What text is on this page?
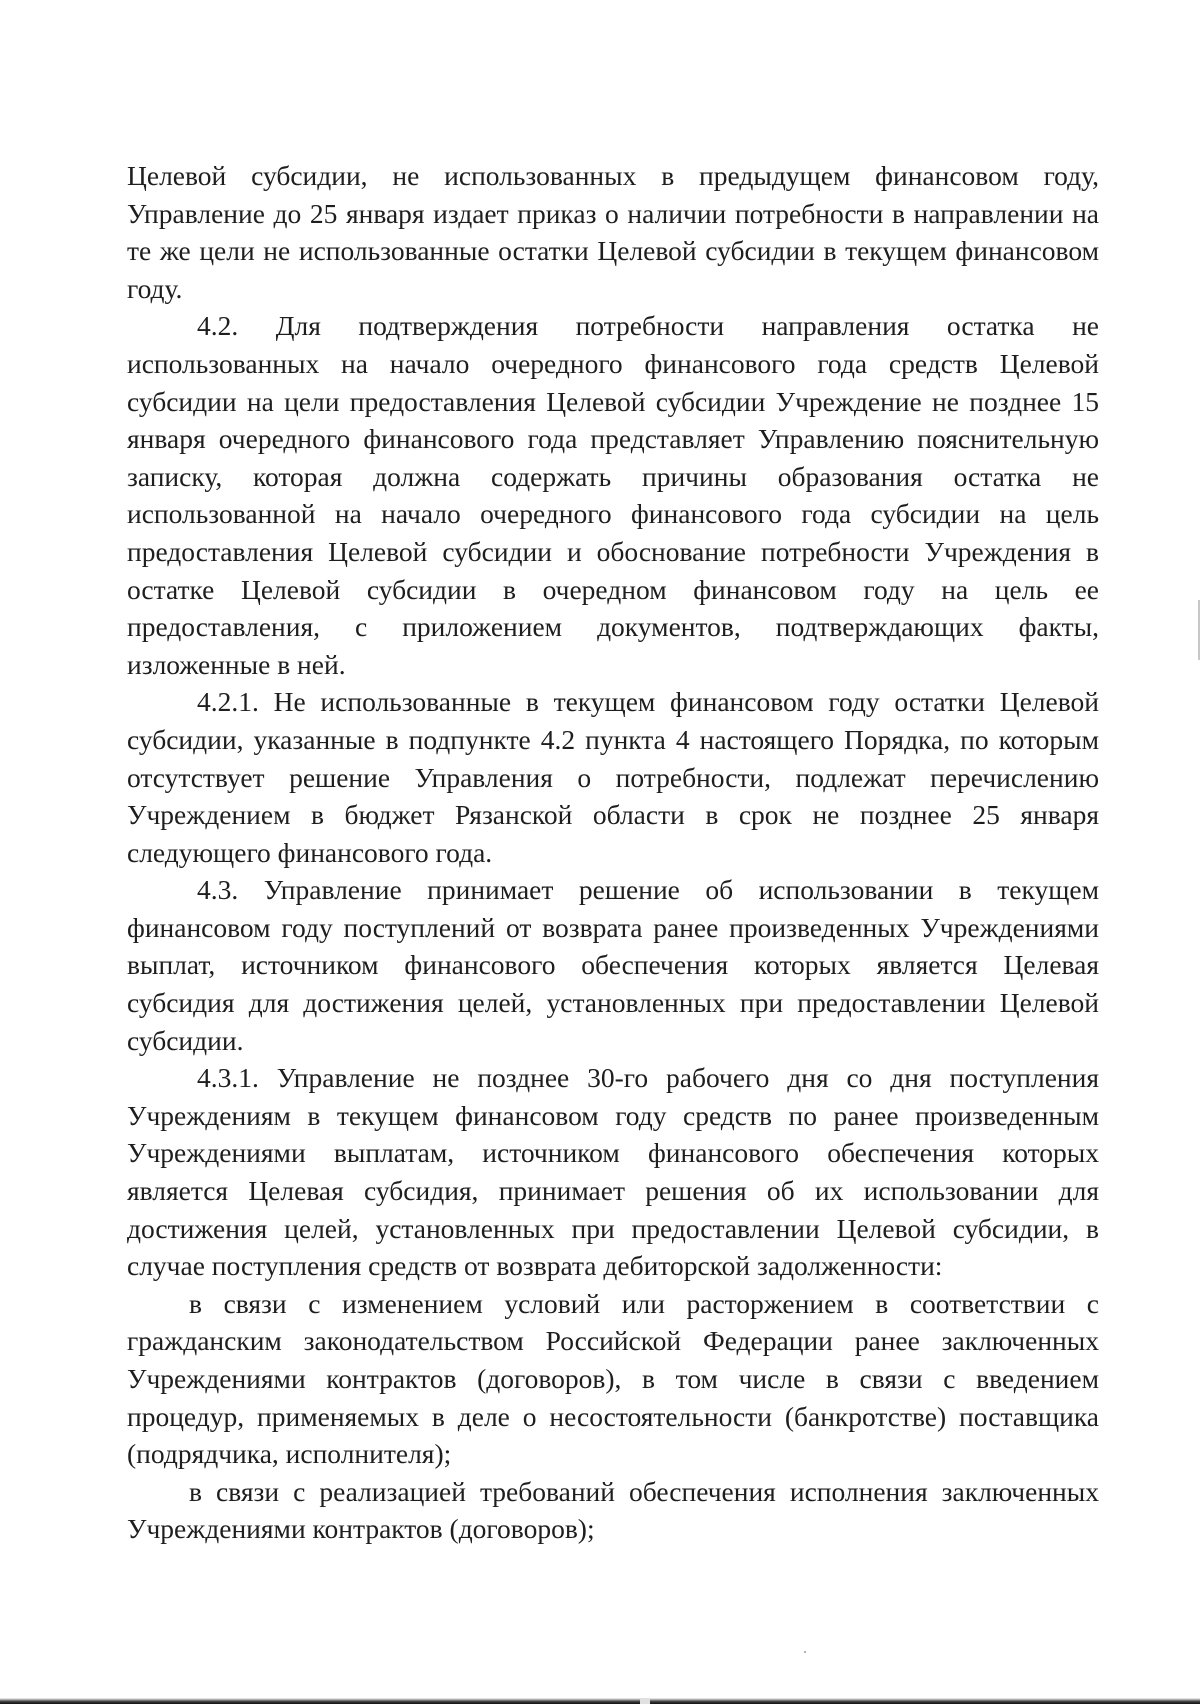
Целевой субсидии, не использованных в предыдущем финансовом году, Управление до 25 января издает приказ о наличии потребности в направлении на те же цели не использованные остатки Целевой субсидии в текущем финансовом году.

4.2. Для подтверждения потребности направления остатка не использованных на начало очередного финансового года средств Целевой субсидии на цели предоставления Целевой субсидии Учреждение не позднее 15 января очередного финансового года представляет Управлению пояснительную записку, которая должна содержать причины образования остатка не использованной на начало очередного финансового года субсидии на цель предоставления Целевой субсидии и обоснование потребности Учреждения в остатке Целевой субсидии в очередном финансовом году на цель ее предоставления, с приложением документов, подтверждающих факты, изложенные в ней.

4.2.1. Не использованные в текущем финансовом году остатки Целевой субсидии, указанные в подпункте 4.2 пункта 4 настоящего Порядка, по которым отсутствует решение Управления о потребности, подлежат перечислению Учреждением в бюджет Рязанской области в срок не позднее 25 января следующего финансового года.

4.3. Управление принимает решение об использовании в текущем финансовом году поступлений от возврата ранее произведенных Учреждениями выплат, источником финансового обеспечения которых является Целевая субсидия для достижения целей, установленных при предоставлении Целевой субсидии.

4.3.1. Управление не позднее 30-го рабочего дня со дня поступления Учреждениям в текущем финансовом году средств по ранее произведенным Учреждениями выплатам, источником финансового обеспечения которых является Целевая субсидия, принимает решения об их использовании для достижения целей, установленных при предоставлении Целевой субсидии, в случае поступления средств от возврата дебиторской задолженности:

в связи с изменением условий или расторжением в соответствии с гражданским законодательством Российской Федерации ранее заключенных Учреждениями контрактов (договоров), в том числе в связи с введением процедур, применяемых в деле о несостоятельности (банкротстве) поставщика (подрядчика, исполнителя);

в связи с реализацией требований обеспечения исполнения заключенных Учреждениями контрактов (договоров);
